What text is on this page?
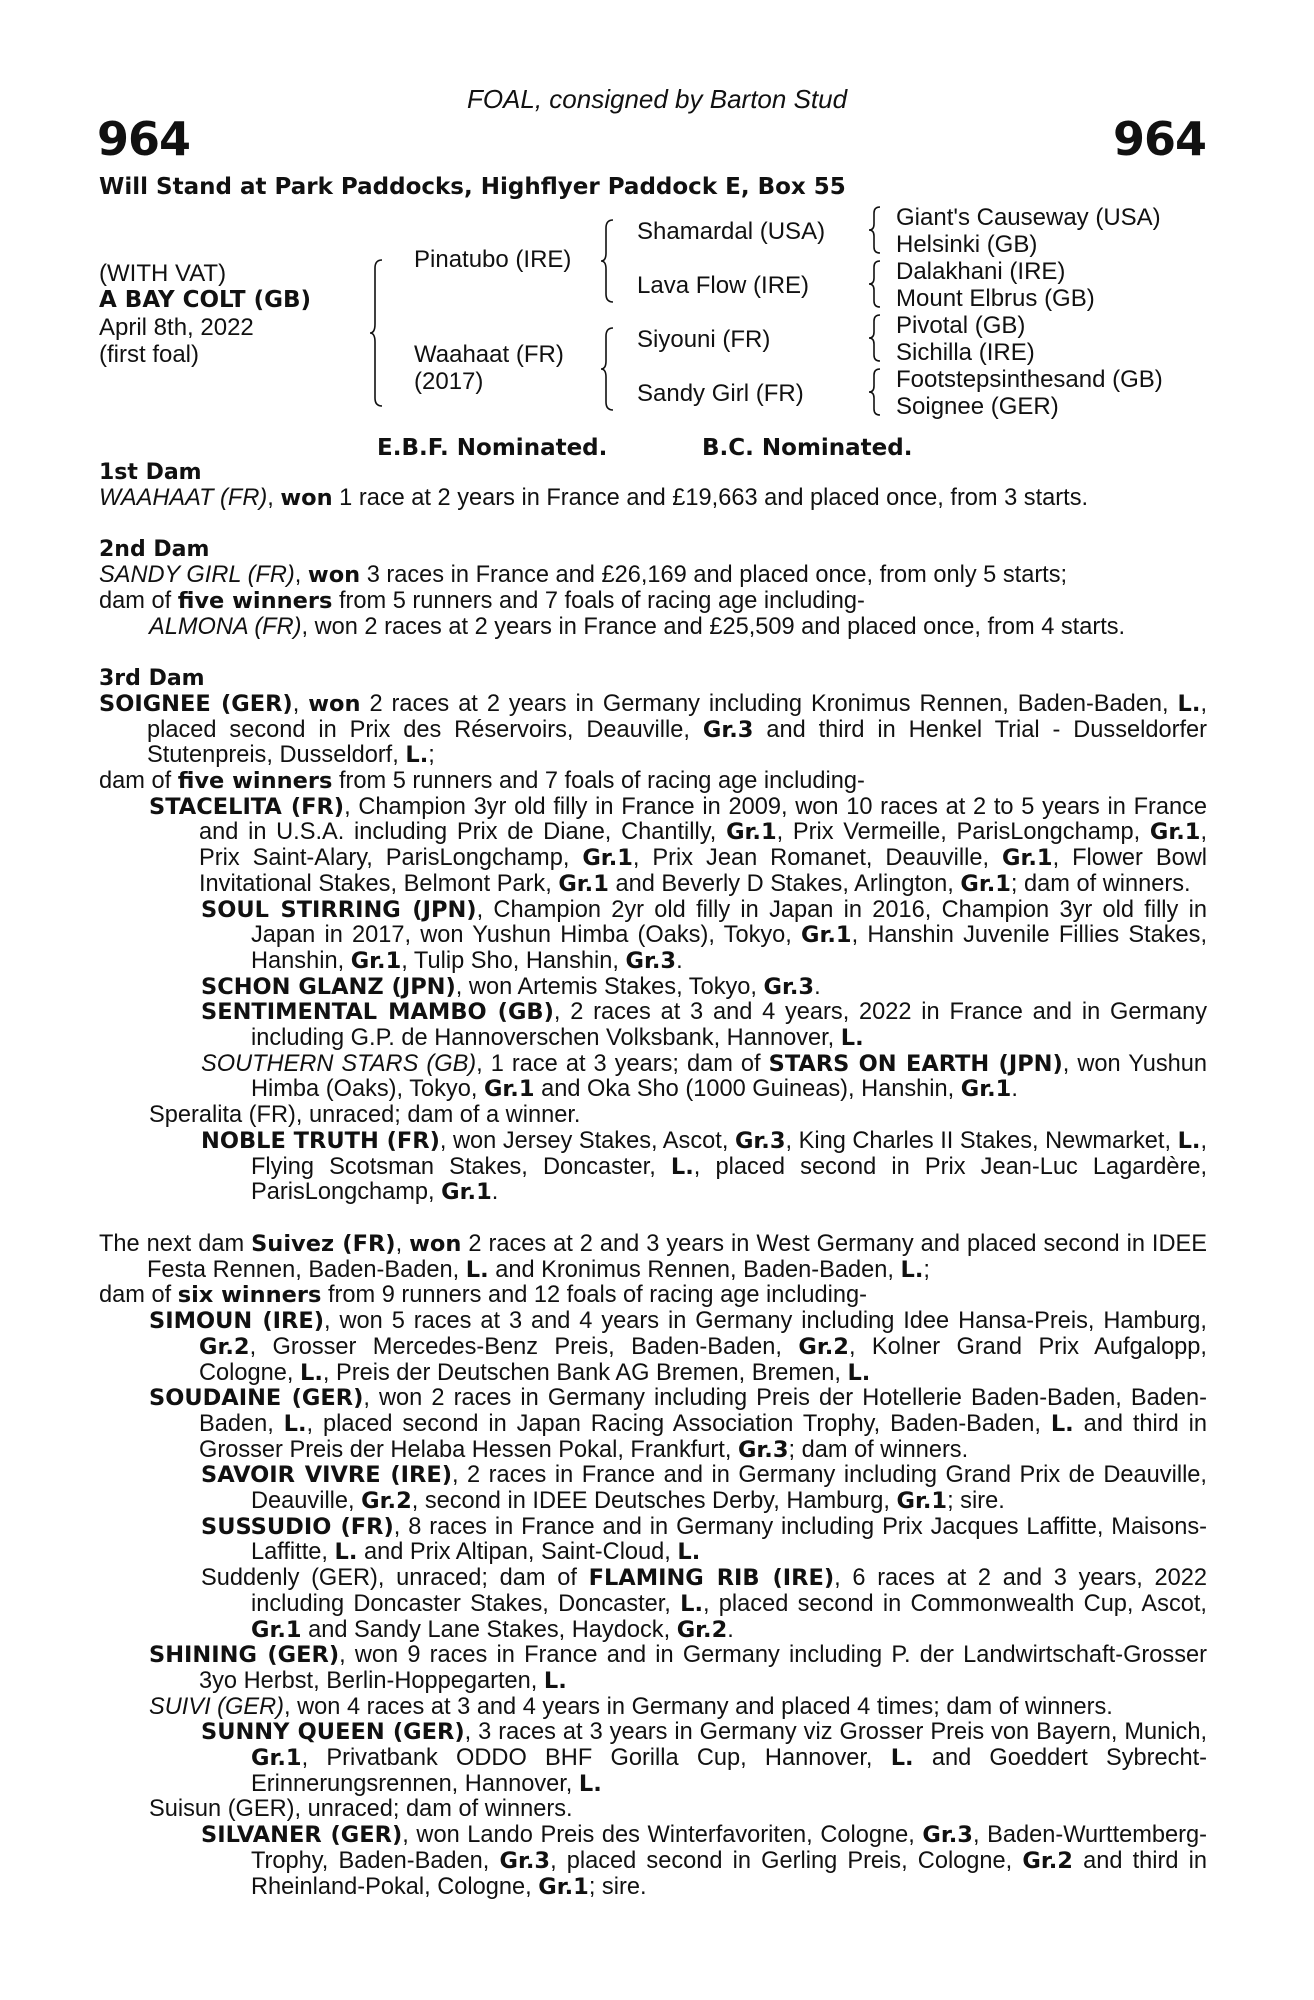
FOAL, consigned by Barton Stud
964	964
Will Stand at Park Paddocks, Highflyer Paddock E, Box 55
(WITH VAT)
A BAY COLT (GB)
April 8th, 2022
(first foal)
Pinatubo (IRE)
Waahaat (FR)
(2017)
Shamardal (USA)
Lava Flow (IRE)
Siyouni (FR)
Sandy Girl (FR)
Giant's Causeway (USA)
Helsinki (GB)
Dalakhani (IRE)
Mount Elbrus (GB)
Pivotal (GB)
Sichilla (IRE)
Footstepsinthesand (GB)
Soignee (GER)
E.B.F. Nominated.	B.C. Nominated.
1st Dam
WAAHAAT (FR), won 1 race at 2 years in France and £19,663 and placed once, from 3 starts.
2nd Dam
SANDY GIRL (FR), won 3 races in France and £26,169 and placed once, from only 5 starts;
dam of five winners from 5 runners and 7 foals of racing age including-
ALMONA (FR), won 2 races at 2 years in France and £25,509 and placed once, from 4 starts.
3rd Dam
SOIGNEE (GER), won 2 races at 2 years in Germany including Kronimus Rennen, Baden-Baden, L., placed second in Prix des Réservoirs, Deauville, Gr.3 and third in Henkel Trial - Dusseldorfer Stutenpreis, Dusseldorf, L.;
dam of five winners from 5 runners and 7 foals of racing age including-
STACELITA (FR), Champion 3yr old filly in France in 2009, won 10 races at 2 to 5 years in France and in U.S.A. including Prix de Diane, Chantilly, Gr.1, Prix Vermeille, ParisLongchamp, Gr.1, Prix Saint-Alary, ParisLongchamp, Gr.1, Prix Jean Romanet, Deauville, Gr.1, Flower Bowl Invitational Stakes, Belmont Park, Gr.1 and Beverly D Stakes, Arlington, Gr.1; dam of winners.
SOUL STIRRING (JPN), Champion 2yr old filly in Japan in 2016, Champion 3yr old filly in Japan in 2017, won Yushun Himba (Oaks), Tokyo, Gr.1, Hanshin Juvenile Fillies Stakes, Hanshin, Gr.1, Tulip Sho, Hanshin, Gr.3.
SCHON GLANZ (JPN), won Artemis Stakes, Tokyo, Gr.3.
SENTIMENTAL MAMBO (GB), 2 races at 3 and 4 years, 2022 in France and in Germany including G.P. de Hannoverschen Volksbank, Hannover, L.
SOUTHERN STARS (GB), 1 race at 3 years; dam of STARS ON EARTH (JPN), won Yushun Himba (Oaks), Tokyo, Gr.1 and Oka Sho (1000 Guineas), Hanshin, Gr.1.
Speralita (FR), unraced; dam of a winner.
NOBLE TRUTH (FR), won Jersey Stakes, Ascot, Gr.3, King Charles II Stakes, Newmarket, L., Flying Scotsman Stakes, Doncaster, L., placed second in Prix Jean-Luc Lagardère, ParisLongchamp, Gr.1.
The next dam Suivez (FR), won 2 races at 2 and 3 years in West Germany and placed second in IDEE Festa Rennen, Baden-Baden, L. and Kronimus Rennen, Baden-Baden, L.;
dam of six winners from 9 runners and 12 foals of racing age including-
SIMOUN (IRE), won 5 races at 3 and 4 years in Germany including Idee Hansa-Preis, Hamburg, Gr.2, Grosser Mercedes-Benz Preis, Baden-Baden, Gr.2, Kolner Grand Prix Aufgalopp, Cologne, L., Preis der Deutschen Bank AG Bremen, Bremen, L.
SOUDAINE (GER), won 2 races in Germany including Preis der Hotellerie Baden-Baden, Baden-Baden, L., placed second in Japan Racing Association Trophy, Baden-Baden, L. and third in Grosser Preis der Helaba Hessen Pokal, Frankfurt, Gr.3; dam of winners.
SAVOIR VIVRE (IRE), 2 races in France and in Germany including Grand Prix de Deauville, Deauville, Gr.2, second in IDEE Deutsches Derby, Hamburg, Gr.1; sire.
SUSSUDIO (FR), 8 races in France and in Germany including Prix Jacques Laffitte, Maisons-Laffitte, L. and Prix Altipan, Saint-Cloud, L.
Suddenly (GER), unraced; dam of FLAMING RIB (IRE), 6 races at 2 and 3 years, 2022 including Doncaster Stakes, Doncaster, L., placed second in Commonwealth Cup, Ascot, Gr.1 and Sandy Lane Stakes, Haydock, Gr.2.
SHINING (GER), won 9 races in France and in Germany including P. der Landwirtschaft-Grosser 3yo Herbst, Berlin-Hoppegarten, L.
SUIVI (GER), won 4 races at 3 and 4 years in Germany and placed 4 times; dam of winners.
SUNNY QUEEN (GER), 3 races at 3 years in Germany viz Grosser Preis von Bayern, Munich, Gr.1, Privatbank ODDO BHF Gorilla Cup, Hannover, L. and Goeddert Sybrecht-Erinnerungsrennen, Hannover, L.
Suisun (GER), unraced; dam of winners.
SILVANER (GER), won Lando Preis des Winterfavoriten, Cologne, Gr.3, Baden-Wurttemberg-Trophy, Baden-Baden, Gr.3, placed second in Gerling Preis, Cologne, Gr.2 and third in Rheinland-Pokal, Cologne, Gr.1; sire.
